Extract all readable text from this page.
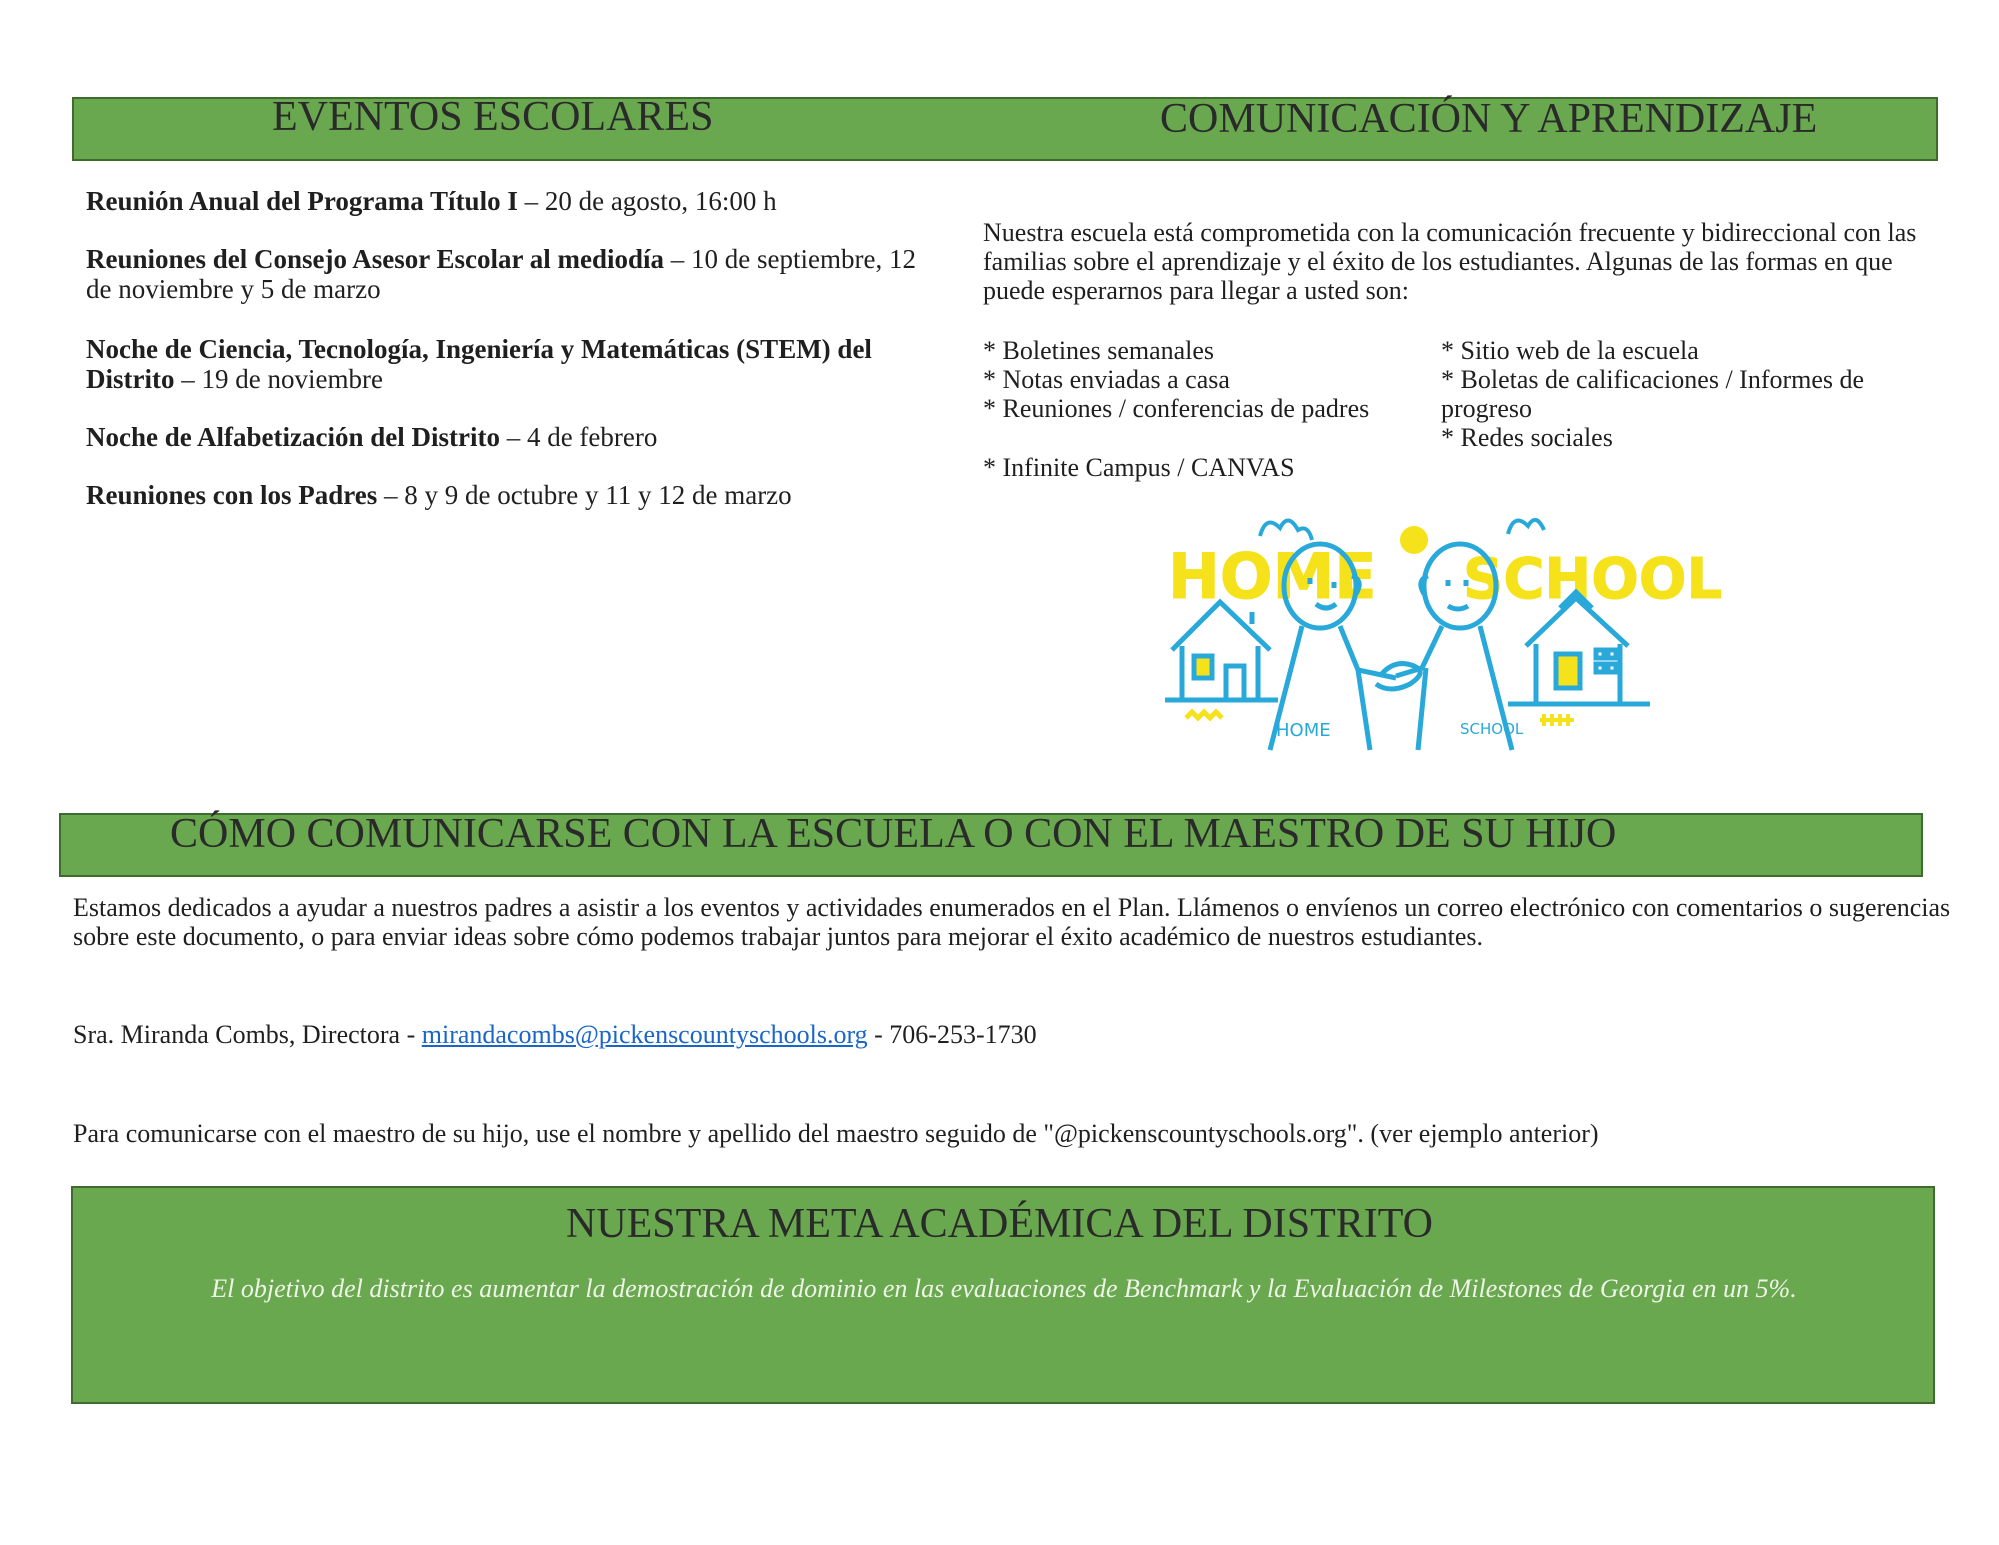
EVENTOS ESCOLARES	COMUNICACIÓN Y APRENDIZAJE
Reunión Anual del Programa Título I – 20 de agosto, 16:00 h
Reuniones del Consejo Asesor Escolar al mediodía – 10 de septiembre, 12 de noviembre y 5 de marzo
Noche de Ciencia, Tecnología, Ingeniería y Matemáticas (STEM) del Distrito – 19 de noviembre
Noche de Alfabetización del Distrito – 4 de febrero
Reuniones con los Padres – 8 y 9 de octubre y 11 y 12 de marzo
Nuestra escuela está comprometida con la comunicación frecuente y bidireccional con las familias sobre el aprendizaje y el éxito de los estudiantes. Algunas de las formas en que puede esperarnos para llegar a usted son:
* Boletines semanales
* Notas enviadas a casa
* Reuniones / conferencias de padres
* Infinite Campus / CANVAS
* Sitio web de la escuela
* Boletas de calificaciones / Informes de progreso
* Redes sociales
HOME SCHOOL
HOME	SCHOOL
CÓMO COMUNICARSE CON LA ESCUELA O CON EL MAESTRO DE SU HIJO
Estamos dedicados a ayudar a nuestros padres a asistir a los eventos y actividades enumerados en el Plan. Llámenos o envíenos un correo electrónico con comentarios o sugerencias sobre este documento, o para enviar ideas sobre cómo podemos trabajar juntos para mejorar el éxito académico de nuestros estudiantes.
Sra. Miranda Combs, Directora - mirandacombs@pickenscountyschools.org - 706-253-1730
Para comunicarse con el maestro de su hijo, use el nombre y apellido del maestro seguido de "@pickenscountyschools.org". (ver ejemplo anterior)
NUESTRA META ACADÉMICA DEL DISTRITO
El objetivo del distrito es aumentar la demostración de dominio en las evaluaciones de Benchmark y la Evaluación de Milestones de Georgia en un 5%.
